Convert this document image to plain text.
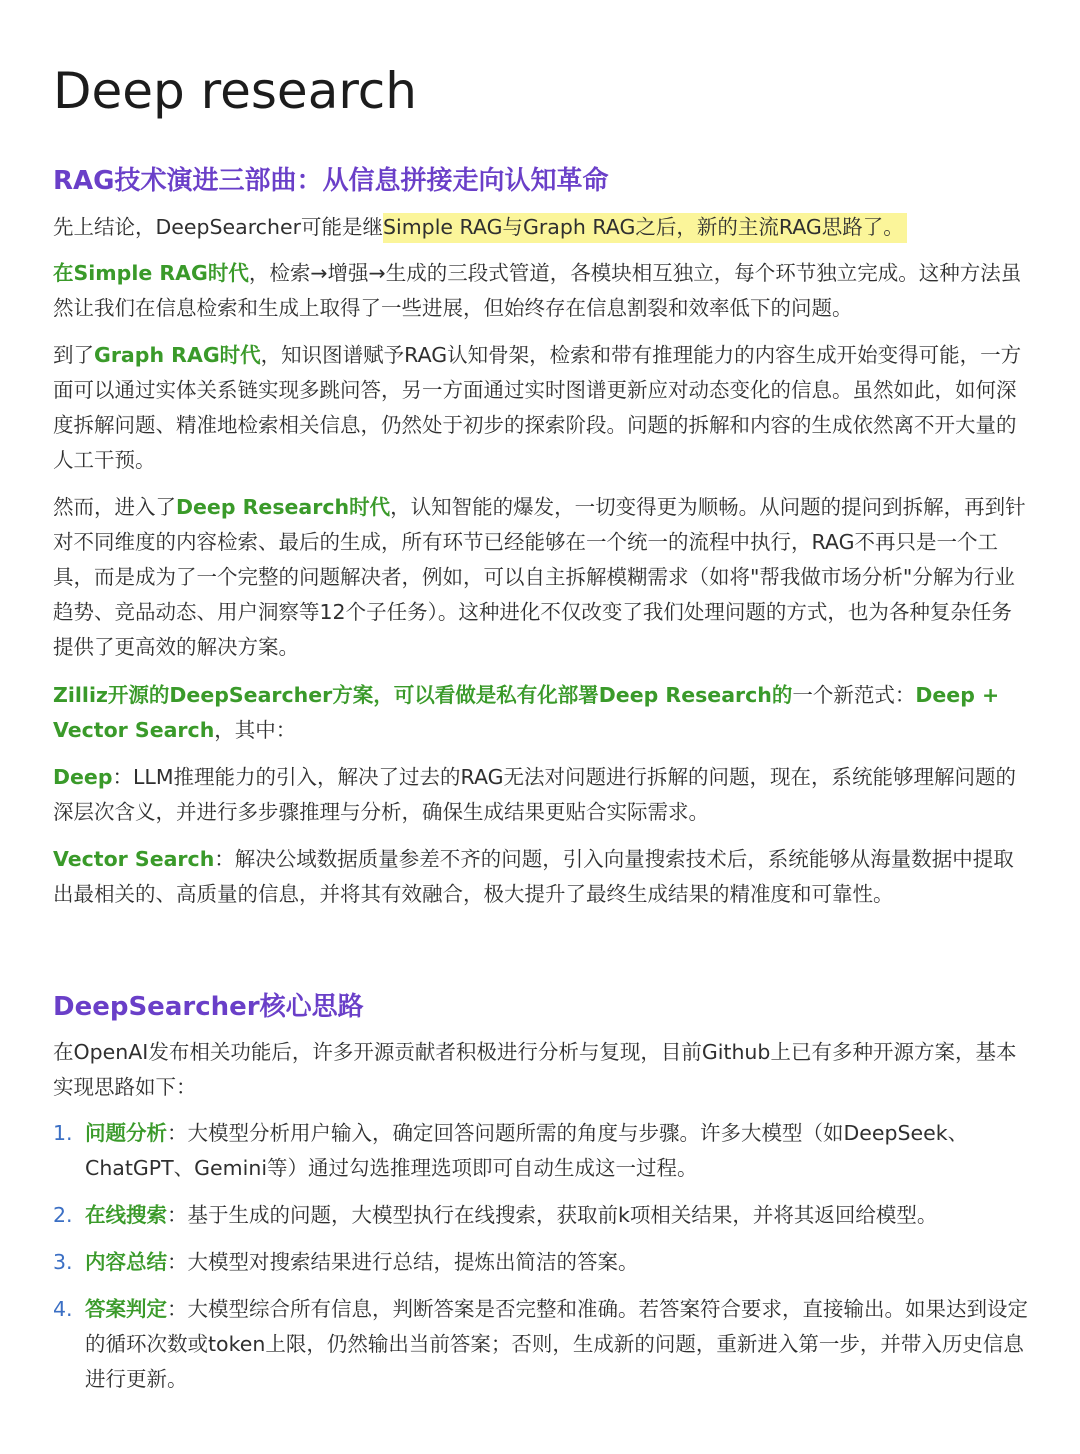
Deep research
RAG技术演进三部曲：从信息拼接走向认知革命

先上结论，DeepSearcher可能是继Simple RAG与Graph RAG之后，新的主流RAG思路了。

在Simple RAG时代，检索→增强→生成的三段式管道，各模块相互独立，每个环节独立完成。这种方法虽然让我们在信息检索和生成上取得了一些进展，但始终存在信息割裂和效率低下的问题。

到了Graph RAG时代，知识图谱赋予RAG认知骨架，检索和带有推理能力的内容生成开始变得可能，一方面可以通过实体关系链实现多跳问答，另一方面通过实时图谱更新应对动态变化的信息。虽然如此，如何深度拆解问题、精准地检索相关信息，仍然处于初步的探索阶段。问题的拆解和内容的生成依然离不开大量的人工干预。

然而，进入了Deep Research时代，认知智能的爆发，一切变得更为顺畅。从问题的提问到拆解，再到针对不同维度的内容检索、最后的生成，所有环节已经能够在一个统一的流程中执行，RAG不再只是一个工具，而是成为了一个完整的问题解决者，例如，可以自主拆解模糊需求（如将"帮我做市场分析"分解为行业趋势、竞品动态、用户洞察等12个子任务）。这种进化不仅改变了我们处理问题的方式，也为各种复杂任务提供了更高效的解决方案。

Zilliz开源的DeepSearcher方案，可以看做是私有化部署Deep Research的一个新范式：Deep + Vector Search，其中：

Deep：LLM推理能力的引入，解决了过去的RAG无法对问题进行拆解的问题，现在，系统能够理解问题的深层次含义，并进行多步骤推理与分析，确保生成结果更贴合实际需求。

Vector Search：解决公域数据质量参差不齐的问题，引入向量搜索技术后，系统能够从海量数据中提取出最相关的、高质量的信息，并将其有效融合，极大提升了最终生成结果的精准度和可靠性。

DeepSearcher核心思路

在OpenAI发布相关功能后，许多开源贡献者积极进行分析与复现，目前Github上已有多种开源方案，基本实现思路如下：

1. 问题分析：大模型分析用户输入，确定回答问题所需的角度与步骤。许多大模型（如DeepSeek、ChatGPT、Gemini等）通过勾选推理选项即可自动生成这一过程。
2. 在线搜索：基于生成的问题，大模型执行在线搜索，获取前k项相关结果，并将其返回给模型。
3. 内容总结：大模型对搜索结果进行总结，提炼出简洁的答案。
4. 答案判定：大模型综合所有信息，判断答案是否完整和准确。若答案符合要求，直接输出。如果达到设定的循环次数或token上限，仍然输出当前答案；否则，生成新的问题，重新进入第一步，并带入历史信息进行更新。
